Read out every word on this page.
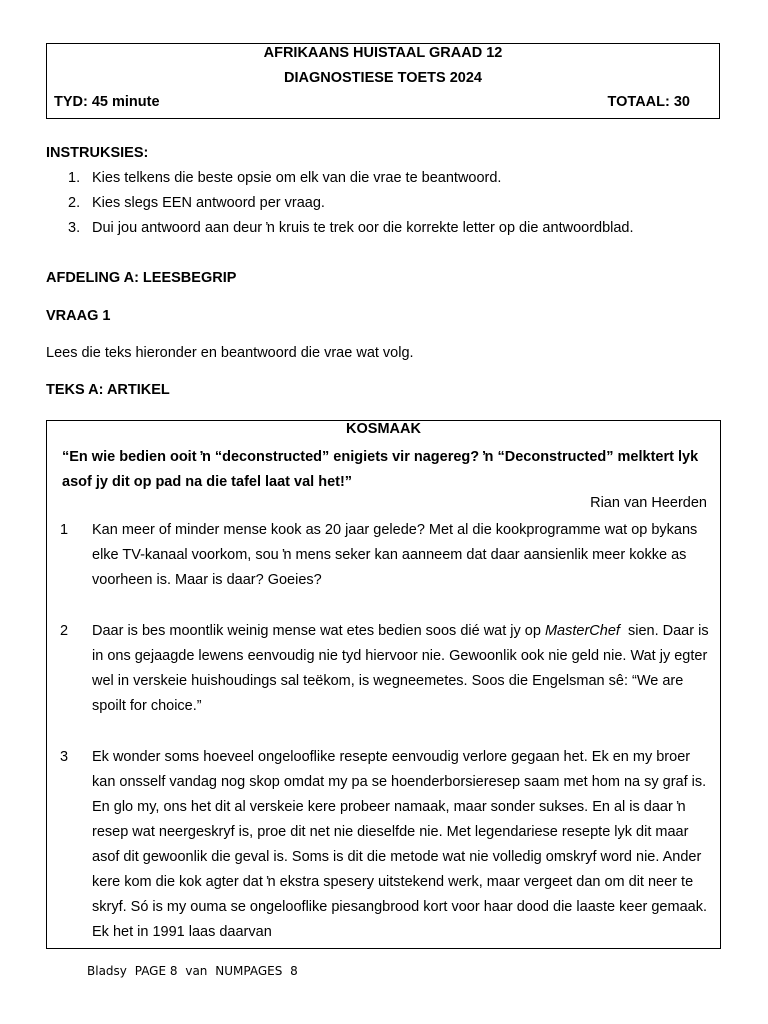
AFRIKAANS HUISTAAL GRAAD 12
DIAGNOSTIESE TOETS 2024
TYD: 45 minute	TOTAAL: 30
INSTRUKSIES:
1. Kies telkens die beste opsie om elk van die vrae te beantwoord.
2. Kies slegs EEN antwoord per vraag.
3. Dui jou antwoord aan deur ŉ kruis te trek oor die korrekte letter op die antwoordblad.
AFDELING A: LEESBEGRIP
VRAAG 1
Lees die teks hieronder en beantwoord die vrae wat volg.
TEKS A: ARTIKEL
KOSMAAK
“En wie bedien ooit ŉ “deconstructed” enigiets vir nagereg? ŉ “Deconstructed” melktert lyk asof jy dit op pad na die tafel laat val het!”
Rian van Heerden
1 Kan meer of minder mense kook as 20 jaar gelede? Met al die kookprogramme wat op bykans elke TV-kanaal voorkom, sou ŉ mens seker kan aanneem dat daar aansienlik meer kokke as voorheen is. Maar is daar? Goeies?
2 Daar is bes moontlik weinig mense wat etes bedien soos dié wat jy op MasterChef  sien. Daar is in ons gejaagde lewens eenvoudig nie tyd hiervoor nie. Gewoonlik ook nie geld nie. Wat jy egter wel in verskeie huishoudings sal teëkom, is wegneemetes. Soos die Engelsman sê: “We are spoilt for choice.”
3 Ek wonder soms hoeveel ongelooflike resepte eenvoudig verlore gegaan het. Ek en my broer kan onsself vandag nog skop omdat my pa se hoenderborsieresep saam met hom na sy graf is. En glo my, ons het dit al verskeie kere probeer namaak, maar sonder sukses. En al is daar ŉ resep wat neergeskryf is, proe dit net nie dieselfde nie. Met legendariese resepte lyk dit maar asof dit gewoonlik die geval is. Soms is dit die metode wat nie volledig omskryf word nie. Ander kere kom die kok agter dat ŉ ekstra spesery uitstekend werk, maar vergeet dan om dit neer te skryf. Só is my ouma se ongelooflike piesangbrood kort voor haar dood die laaste keer gemaak. Ek het in 1991 laas daarvan
Bladsy PAGE 8 van NUMPAGES 8
